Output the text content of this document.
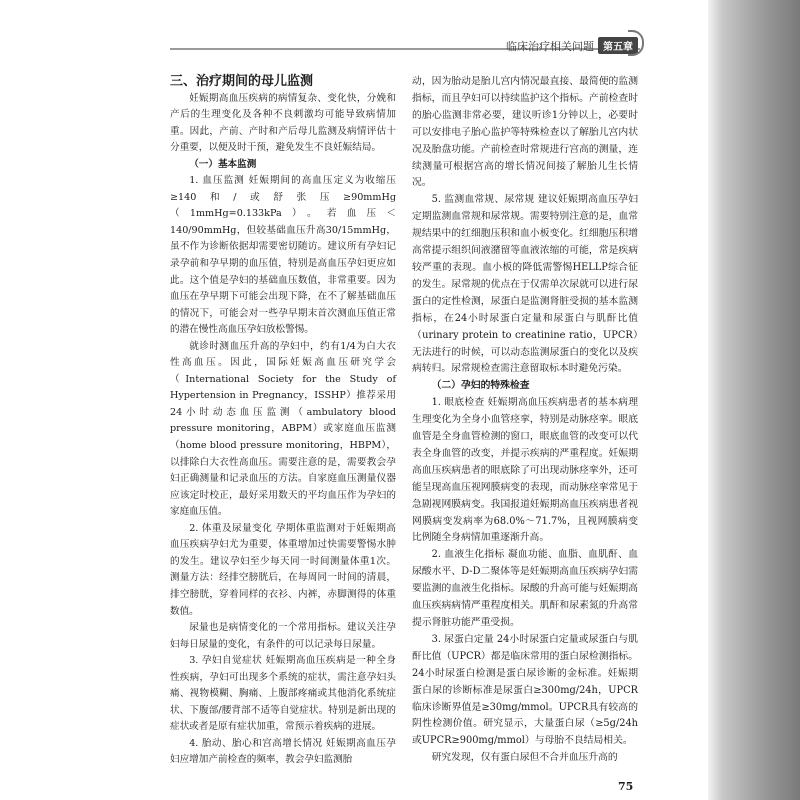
临床治疗相关问题 第五章

三、治疗期间的母儿监测

妊娠期高血压疾病的病情复杂、变化快，分娩和产后的生理变化及各种不良刺激均可能导致病情加重。因此，产前、产时和产后母儿监测及病情评估十分重要，以便及时干预，避免发生不良妊娠结局。

（一）基本监测

1. 血压监测 妊娠期间的高血压定义为收缩压≥140和/或舒张压≥90mmHg（1mmHg=0.133kPa）。若血压＜140/90mmHg，但较基础血压升高30/15mmHg，虽不作为诊断依据却需要密切随访。建议所有孕妇记录孕前和孕早期的血压值，特别是高血压孕妇更应如此。这个值是孕妇的基础血压数值，非常重要。因为血压在孕早期下可能会出现下降，在不了解基础血压的情况下，可能会对一些孕早期末首次测血压值正常的潜在慢性高血压孕妇放松警惕。

就诊时测血压升高的孕妇中，约有1/4为白大衣性高血压。因此，国际妊娠高血压研究学会（International Society for the Study of Hypertension in Pregnancy，ISSHP）推荐采用24小时动态血压监测（ambulatory blood pressure monitoring，ABPM）或家庭血压监测（home blood pressure monitoring，HBPM），以排除白大衣性高血压。需要注意的是，需要教会孕妇正确测量和记录血压的方法。自家庭血压测量仪器应该定时校正，最好采用数天的平均血压作为孕妇的家庭血压值。

2. 体重及尿量变化 孕期体重监测对于妊娠期高血压疾病孕妇尤为重要，体重增加过快需要警惕水肿的发生。建议孕妇至少每天同一时间测量体重1次。测量方法：经排空膀胱后，在每周同一时间的清晨，排空膀胱，穿着同样的衣衫、内裤，赤脚测得的体重数值。

尿量也是病情变化的一个常用指标。建议关注孕妇每日尿量的变化，有条件的可以记录每日尿量。

3. 孕妇自觉症状 妊娠期高血压疾病是一种全身性疾病，孕妇可出现多个系统的症状，需注意孕妇头痛、视物模糊、胸痛、上腹部疼痛或其他消化系统症状、下腹部/腰背部不适等自觉症状。特别是新出现的症状或者是原有症状加重，常预示着疾病的进展。

4. 胎动、胎心和宫高增长情况 妊娠期高血压孕妇应增加产前检查的频率，教会孕妇监测胎

动，因为胎动是胎儿宫内情况最直接、最简便的监测指标，而且孕妇可以持续监护这个指标。产前检查时的胎心监测非常必要，建议听诊1分钟以上，必要时可以安排电子胎心监护等特殊检查以了解胎儿宫内状况及胎盘功能。产前检查时常规进行宫高的测量，连续测量可根据宫高的增长情况间接了解胎儿生长情况。

5. 监测血常规、尿常规 建议妊娠期高血压孕妇定期监测血常规和尿常规。需要特别注意的是，血常规结果中的红细胞压积和血小板变化。红细胞压积增高常提示组织间液潴留等血液浓缩的可能，常是疾病较严重的表现。血小板的降低需警惕HELLP综合征的发生。尿常规的优点在于仅需单次尿就可以进行尿蛋白的定性检测，尿蛋白是监测肾脏受损的基本监测指标，在24小时尿蛋白定量和尿蛋白与肌酐比值（urinary protein to creatinine ratio，UPCR）无法进行的时候，可以动态监测尿蛋白的变化以及疾病转归。尿常规检查需注意留取标本时避免污染。

（二）孕妇的特殊检查

1. 眼底检查 妊娠期高血压疾病患者的基本病理生理变化为全身小血管痉挛，特别是动脉痉挛。眼底血管是全身血管检测的窗口，眼底血管的改变可以代表全身血管的改变，并提示疾病的严重程度。妊娠期高血压疾病患者的眼底除了可出现动脉痉挛外，还可能呈现高血压视网膜病变的表现，而动脉痉挛常见于急剧视网膜病变。我国报道妊娠期高血压疾病患者视网膜病变发病率为68.0%～71.7%，且视网膜病变比例随全身病情加重逐渐升高。

2. 血液生化指标 凝血功能、血脂、血肌酐、血尿酸水平、D-D二聚体等是妊娠期高血压疾病孕妇需要监测的血液生化指标。尿酸的升高可能与妊娠期高血压疾病病情严重程度相关。肌酐和尿素氮的升高常提示肾脏功能严重受损。

3. 尿蛋白定量 24小时尿蛋白定量或尿蛋白与肌酐比值（UPCR）都是临床常用的蛋白尿检测指标。24小时尿蛋白检测是蛋白尿诊断的金标准。妊娠期蛋白尿的诊断标准是尿蛋白≥300mg/24h，UPCR临床诊断界值是≥30mg/mmol。UPCR具有较高的阴性检测价值。研究显示，大量蛋白尿（≥5g/24h或UPCR≥900mg/mmol）与母胎不良结局相关。

研究发现，仅有蛋白尿但不合并血压升高的

75
